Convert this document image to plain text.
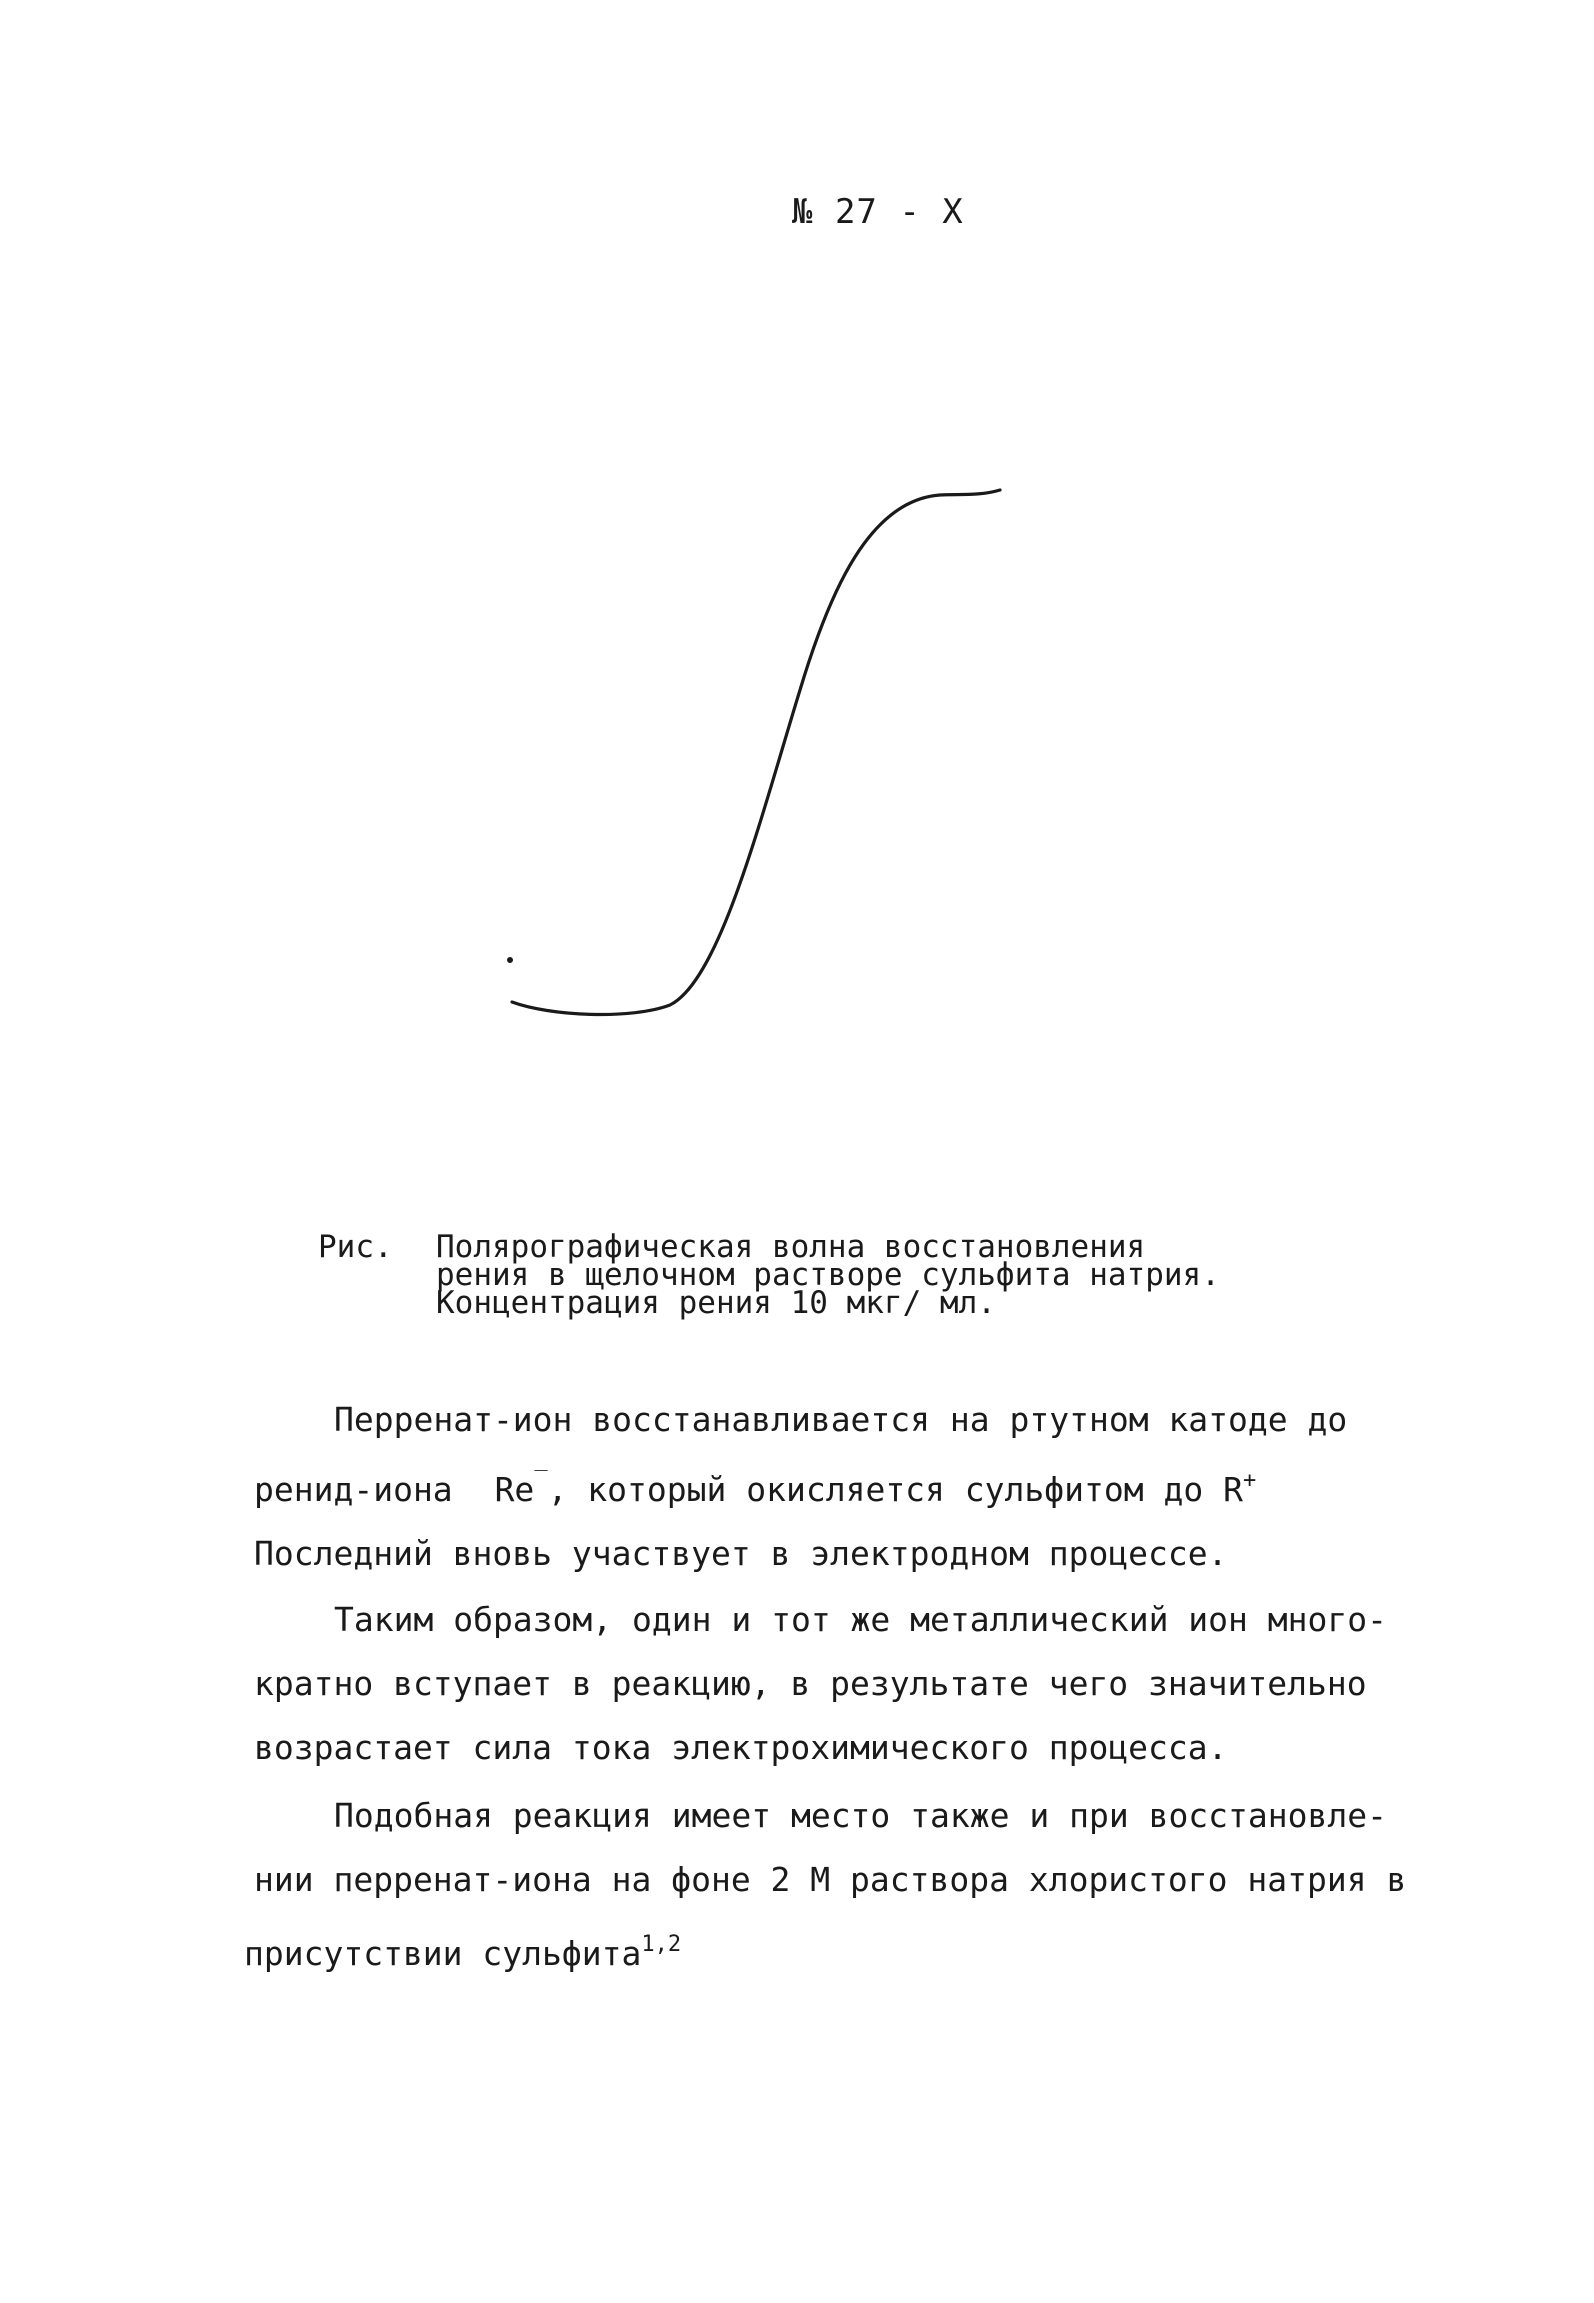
№ 27 - X
Рис. Полярографическая волна восстановления
рения в щелочном растворе сульфита натрия.
Концентрация рения 10 мкг/ мл.
Перренат-ион восстанавливается на ртутном катоде до
ренид-иона Re‾, который окисляется сульфитом до R+
Последний вновь участвует в электродном процессе.
Таким образом, один и тот же металлический ион много-
кратно вступает в реакцию, в результате чего значительно
возрастает сила тока электрохимического процесса.
Подобная реакция имеет место также и при восстановле-
нии перренат-иона на фоне 2 М раствора хлористого натрия в
присутствии сульфита$^{1,2}$
